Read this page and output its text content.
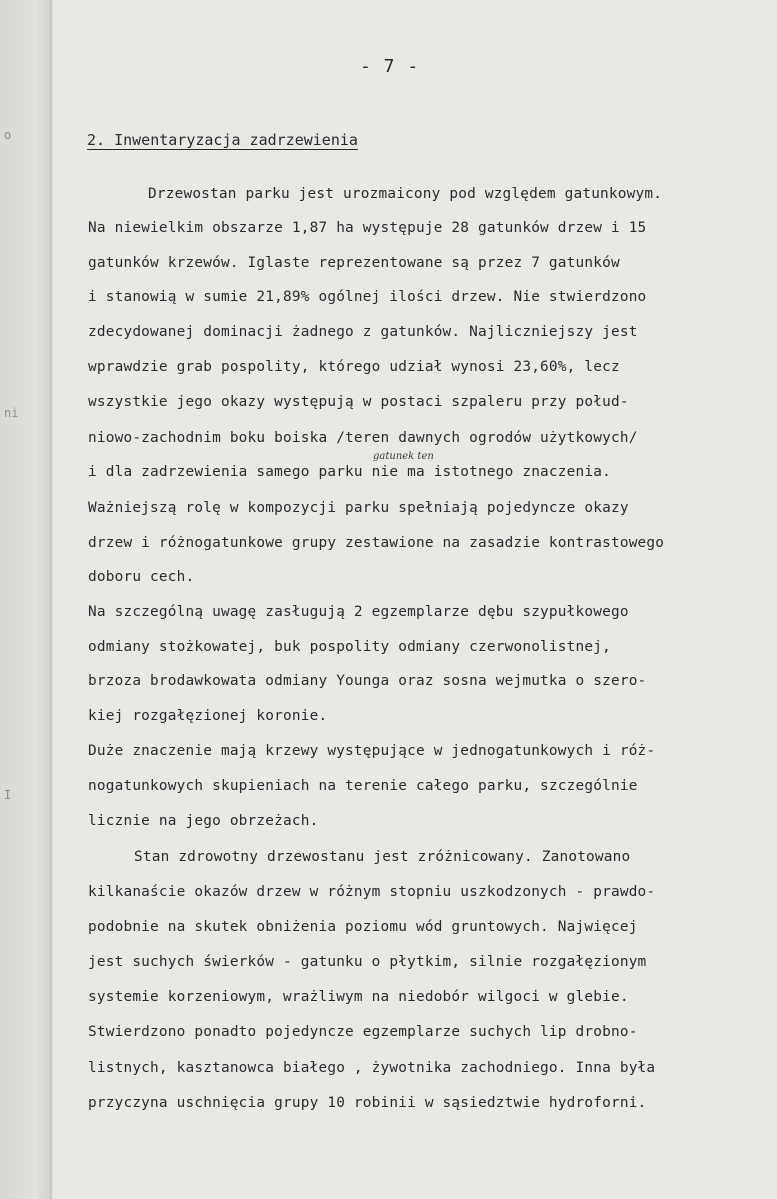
o
ni
I
- 7 -
2. Inwentaryzacja zadrzewienia
gatunek ten
Drzewostan parku jest urozmaicony pod względem gatunkowym.
Na niewielkim obszarze 1,87 ha występuje 28 gatunków drzew i 15
gatunków krzewów. Iglaste reprezentowane są przez 7 gatunków
i stanowią w sumie 21,89% ogólnej ilości drzew. Nie stwierdzono
zdecydowanej dominacji żadnego z gatunków. Najliczniejszy jest
wprawdzie grab pospolity, którego udział wynosi 23,60%, lecz
wszystkie jego okazy występują w postaci szpaleru przy połud-
niowo-zachodnim boku boiska /teren dawnych ogrodów użytkowych/
i dla zadrzewienia samego parku nie ma istotnego znaczenia.
Ważniejszą rolę w kompozycji parku spełniają pojedyncze okazy
drzew i różnogatunkowe grupy zestawione na zasadzie kontrastowego
doboru cech.
Na szczególną uwagę zasługują 2 egzemplarze dębu szypułkowego
odmiany stożkowatej, buk pospolity odmiany czerwonolistnej,
brzoza brodawkowata odmiany Younga oraz sosna wejmutka o szero-
kiej rozgałęzionej koronie.
Duże znaczenie mają krzewy występujące w jednogatunkowych i róż-
nogatunkowych skupieniach na terenie całego parku, szczególnie
licznie na jego obrzeżach.
Stan zdrowotny drzewostanu jest zróżnicowany. Zanotowano
kilkanaście okazów drzew w różnym stopniu uszkodzonych - prawdo-
podobnie na skutek obniżenia poziomu wód gruntowych. Najwięcej
jest suchych świerków - gatunku o płytkim, silnie rozgałęzionym
systemie korzeniowym, wrażliwym na niedobór wilgoci w glebie.
Stwierdzono ponadto pojedyncze egzemplarze suchych lip drobno-
listnych, kasztanowca białego , żywotnika zachodniego. Inna była
przyczyna uschnięcia grupy 10 robinii w sąsiedztwie hydroforni.
